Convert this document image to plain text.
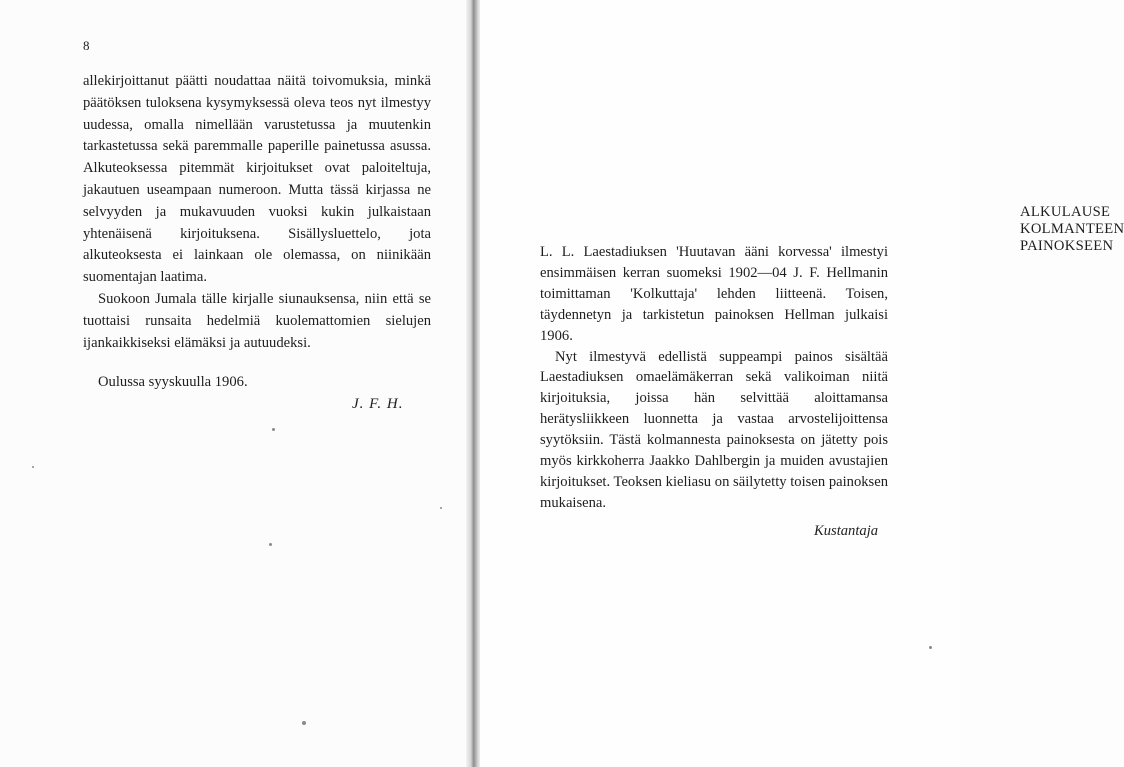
8

allekirjoittanut päätti noudattaa näitä toivomuksia, minkä päätöksen tuloksena kysymyksessä oleva teos nyt ilmestyy uudessa, omalla nimellään varustetussa ja muutenkin tarkastetussa sekä paremmalle paperille painetussa asussa. Alkuteoksessa pitemmät kirjoitukset ovat paloiteltuja, jakautuen useampaan numeroon. Mutta tässä kirjassa ne selvyyden ja mukavuuden vuoksi kukin julkaistaan yhtenäisenä kirjoituksena. Sisällysluettelo, jota alkuteoksesta ei lainkaan ole olemassa, on niinikään suomentajan laatima.

Suokoon Jumala tälle kirjalle siunauksensa, niin että se tuottaisi runsaita hedelmiä kuolemattomien sielujen ijankaikkiseksi elämäksi ja autuudeksi.

Oulussa syyskuulla 1906.

J. F. H.

ALKULAUSE KOLMANTEEN PAINOKSEEN

L. L. Laestadiuksen 'Huutavan ääni korvessa' ilmestyi ensimmäisen kerran suomeksi 1902—04 J. F. Hellmanin toimittaman 'Kolkuttaja' lehden liitteenä. Toisen, täydennetyn ja tarkistetun painoksen Hellman julkaisi 1906.

Nyt ilmestyvä edellistä suppeampi painos sisältää Laestadiuksen omaelämäkerran sekä valikoiman niitä kirjoituksia, joissa hän selvittää aloittamansa herätysliikkeen luonnetta ja vastaa arvostelijoittensa syytöksiin. Tästä kolmannesta painoksesta on jätetty pois myös kirkkoherra Jaakko Dahlbergin ja muiden avustajien kirjoitukset. Teoksen kieliasu on säilytetty toisen painoksen mukaisena.

Kustantaja
